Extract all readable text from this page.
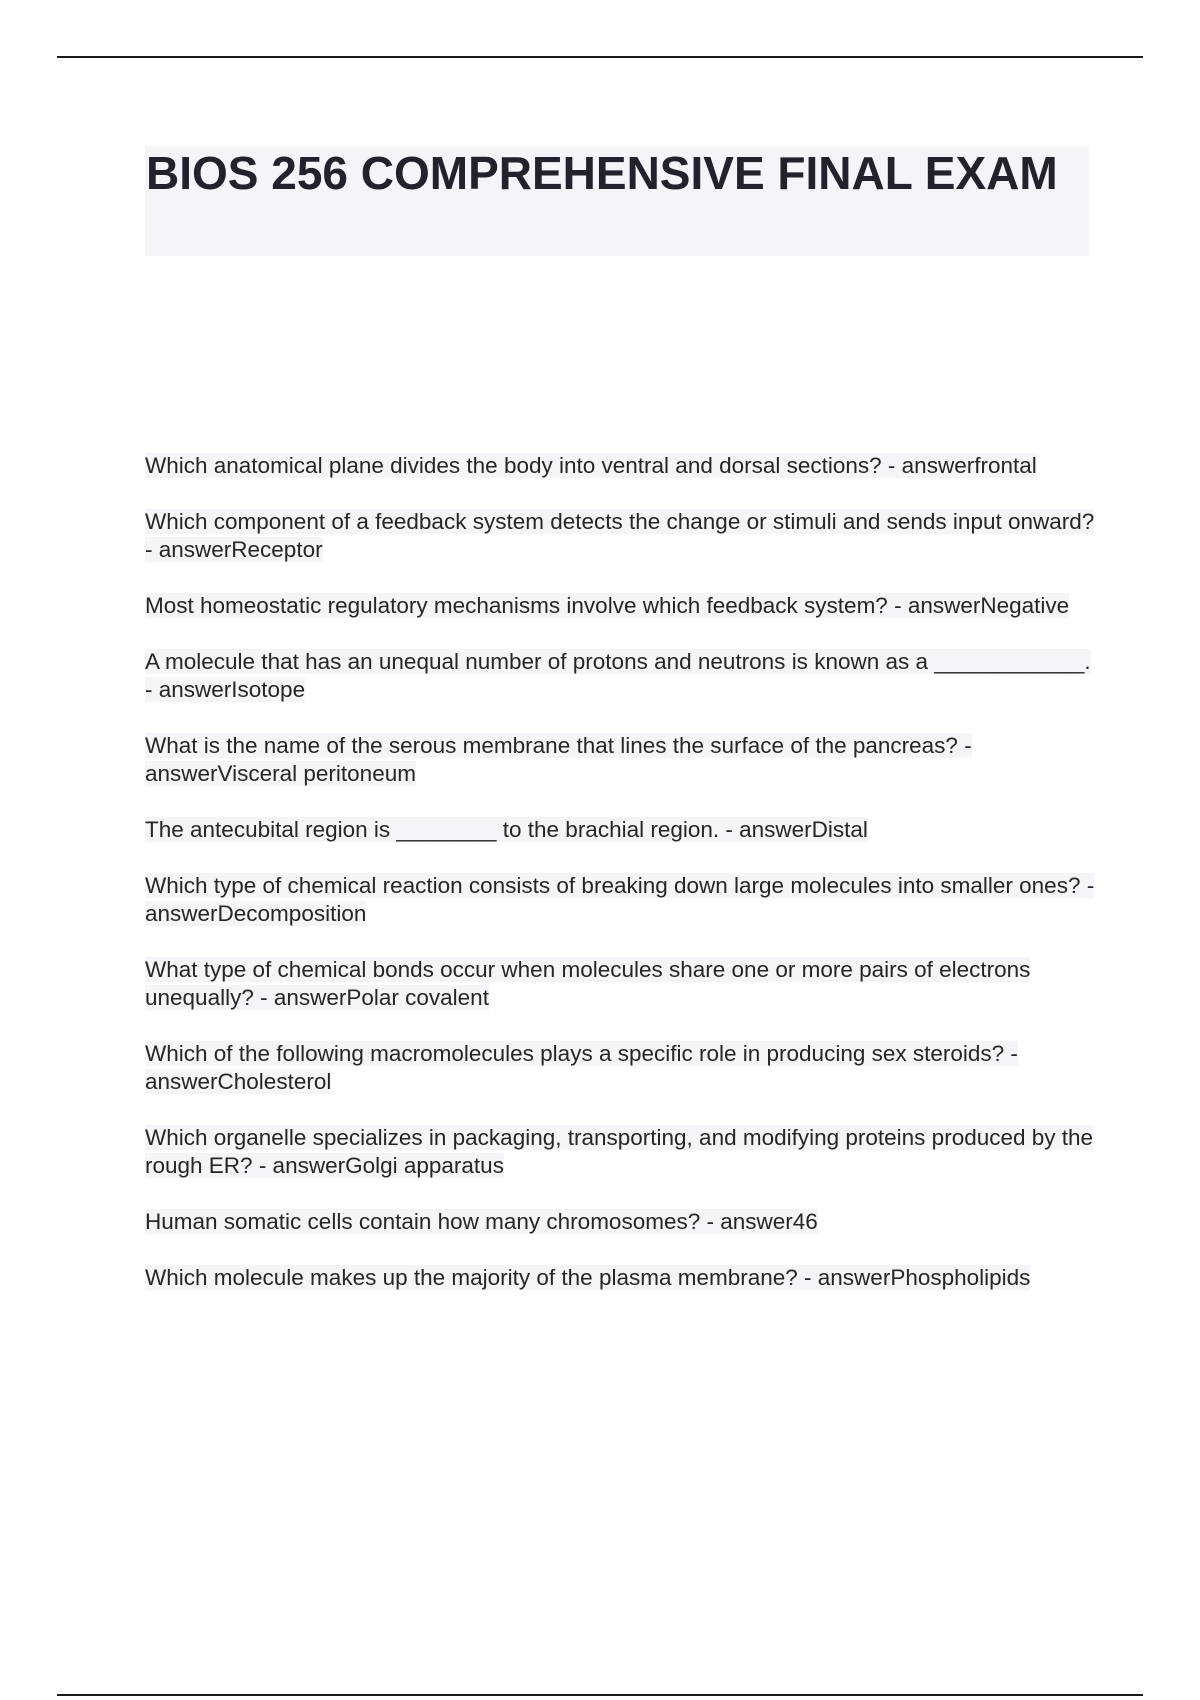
BIOS 256 COMPREHENSIVE FINAL EXAM

Which anatomical plane divides the body into ventral and dorsal sections? - answerfrontal

Which component of a feedback system detects the change or stimuli and sends input onward? - answerReceptor

Most homeostatic regulatory mechanisms involve which feedback system? - answerNegative

A molecule that has an unequal number of protons and neutrons is known as a ____________. - answerIsotope

What is the name of the serous membrane that lines the surface of the pancreas? - answerVisceral peritoneum

The antecubital region is ________ to the brachial region. - answerDistal

Which type of chemical reaction consists of breaking down large molecules into smaller ones? - answerDecomposition

What type of chemical bonds occur when molecules share one or more pairs of electrons unequally? - answerPolar covalent

Which of the following macromolecules plays a specific role in producing sex steroids? - answerCholesterol

Which organelle specializes in packaging, transporting, and modifying proteins produced by the rough ER? - answerGolgi apparatus

Human somatic cells contain how many chromosomes? - answer46

Which molecule makes up the majority of the plasma membrane? - answerPhospholipids
